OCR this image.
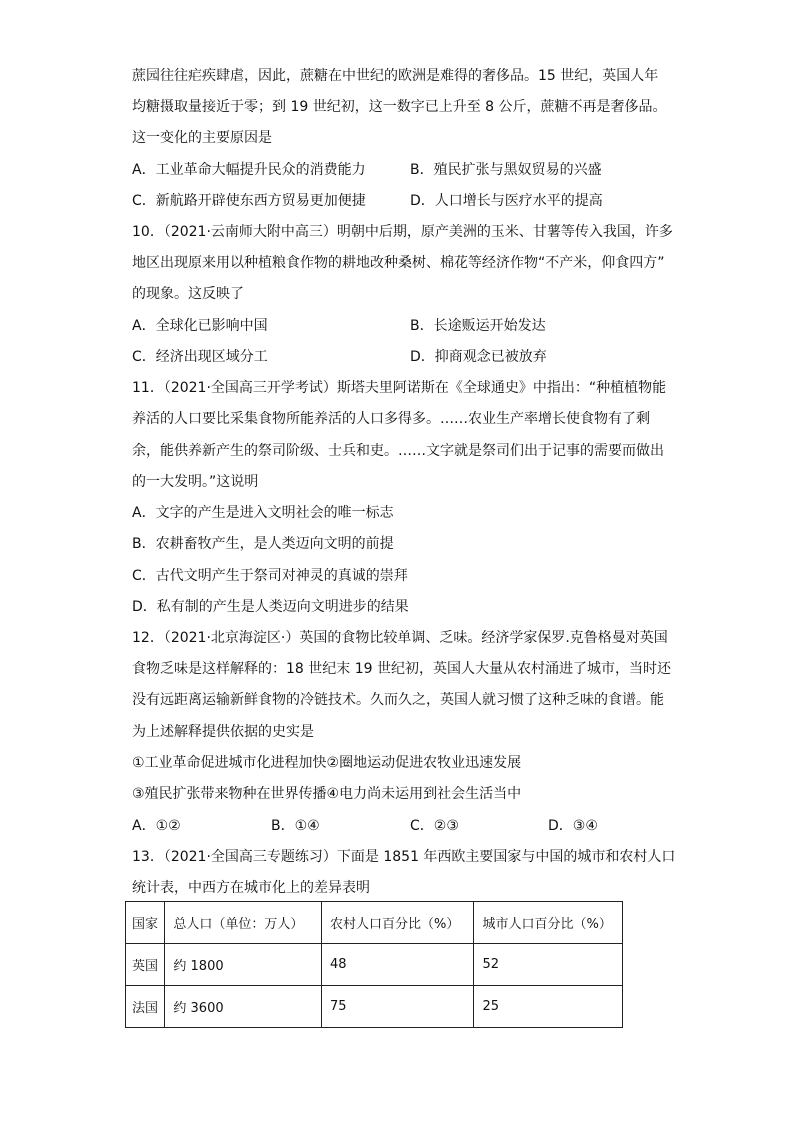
蔗园往往疟疾肆虐，因此，蔗糖在中世纪的欧洲是难得的奢侈品。15 世纪，英国人年
均糖摄取量接近于零；到 19 世纪初，这一数字已上升至 8 公斤，蔗糖不再是奢侈品。
这一变化的主要原因是
A．工业革命大幅提升民众的消费能力	B．殖民扩张与黑奴贸易的兴盛
C．新航路开辟使东西方贸易更加便捷	D．人口增长与医疗水平的提高
10．（2021·云南师大附中高三）明朝中后期，原产美洲的玉米、甘薯等传入我国，许多
地区出现原来用以种植粮食作物的耕地改种桑树、棉花等经济作物“不产米，仰食四方”
的现象。这反映了
A．全球化已影响中国	B．长途贩运开始发达
C．经济出现区域分工	D．抑商观念已被放弃
11．（2021·全国高三开学考试）斯塔夫里阿诺斯在《全球通史》中指出：“种植植物能
养活的人口要比采集食物所能养活的人口多得多。……农业生产率增长使食物有了剩
余，能供养新产生的祭司阶级、士兵和吏。……文字就是祭司们出于记事的需要而做出
的一大发明。”这说明
A．文字的产生是进入文明社会的唯一标志
B．农耕畜牧产生，是人类迈向文明的前提
C．古代文明产生于祭司对神灵的真诚的崇拜
D．私有制的产生是人类迈向文明进步的结果
12．（2021·北京海淀区·）英国的食物比较单调、乏味。经济学家保罗.克鲁格曼对英国
食物乏味是这样解释的：18 世纪末 19 世纪初，英国人大量从农村涌进了城市，当时还
没有远距离运输新鲜食物的冷链技术。久而久之，英国人就习惯了这种乏味的食谱。能
为上述解释提供依据的史实是
①工业革命促进城市化进程加快②圈地运动促进农牧业迅速发展
③殖民扩张带来物种在世界传播④电力尚未运用到社会生活当中
A．①②	B．①④	C．②③	D．③④
13．（2021·全国高三专题练习）下面是 1851 年西欧主要国家与中国的城市和农村人口
统计表，中西方在城市化上的差异表明
国家	总人口（单位：万人）	农村人口百分比（%）	城市人口百分比（%）
英国	约 1800	48	52
法国	约 3600	75	25
